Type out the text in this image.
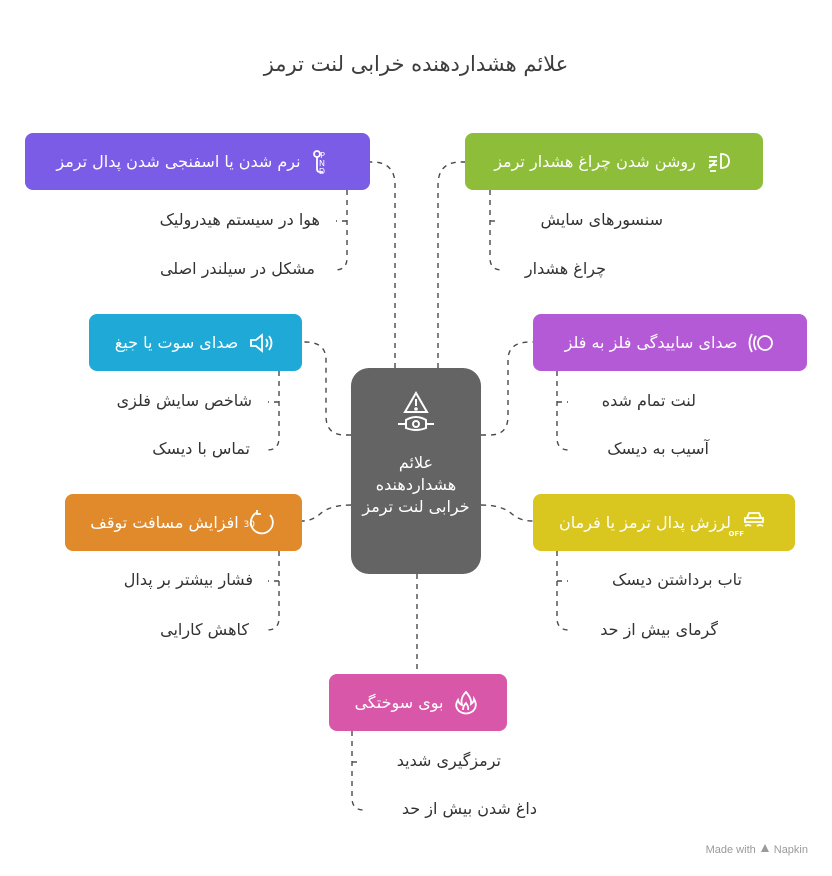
علائم هشداردهنده خرابی لنت ترمز
P
N
D
نرم شدن یا اسفنجی شدن پدال ترمز
هوا در سیستم هیدرولیک
مشکل در سیلندر اصلی
روشن شدن چراغ هشدار ترمز
سنسورهای سایش
چراغ هشدار
صدای سوت یا جیغ
شاخص سایش فلزی
تماس با دیسک
صدای ساییدگی فلز به فلز
لنت تمام شده
آسیب به دیسک
30
افزایش مسافت توقف
فشار بیشتر بر پدال
کاهش کارایی
OFF
لرزش پدال ترمز یا فرمان
تاب برداشتن دیسک
گرمای بیش از حد
بوی سوختگی
ترمزگیری شدید
داغ شدن بیش از حد
علائم هشداردهنده خرابی لنت ترمز
Made with Napkin
